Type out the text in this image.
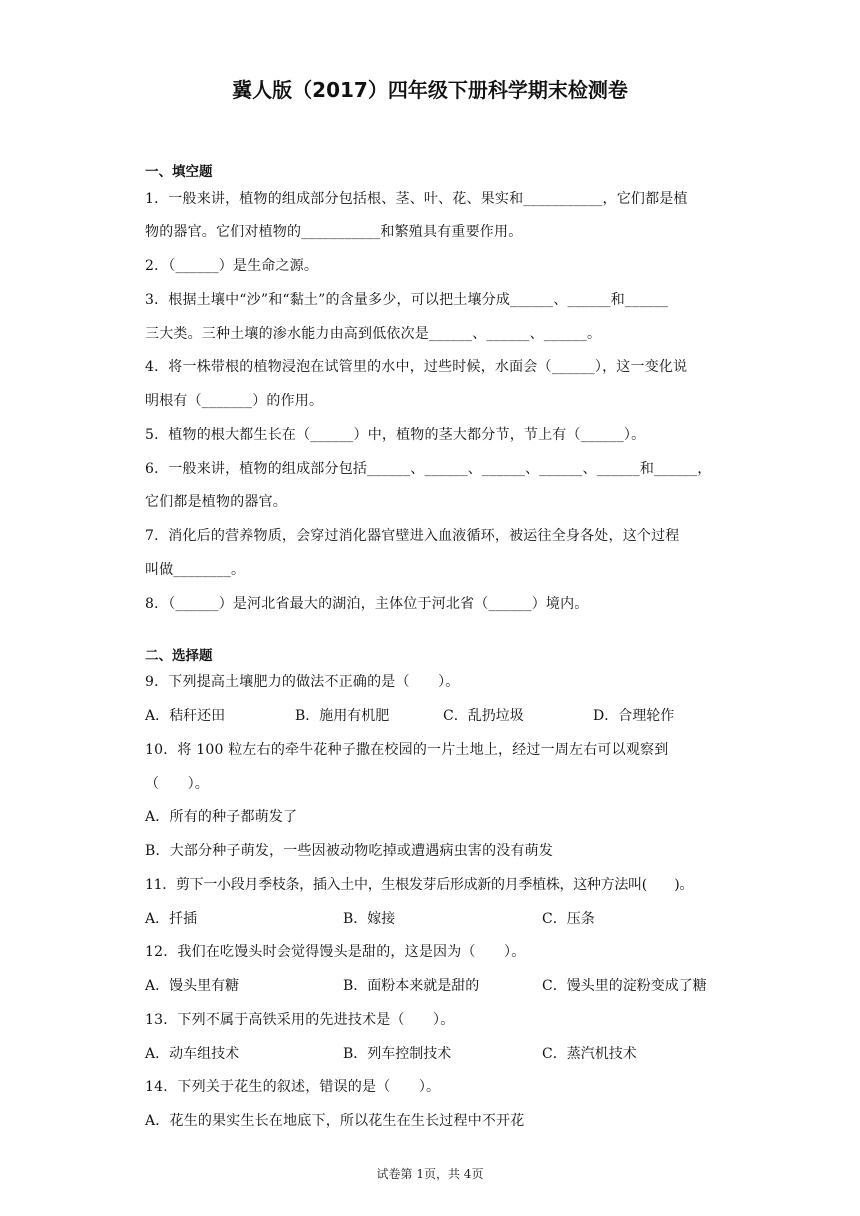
冀人版（2017）四年级下册科学期末检测卷
一、填空题
1．一般来讲，植物的组成部分包括根、茎、叶、花、果实和___________，它们都是植
物的器官。它们对植物的___________和繁殖具有重要作用。
2．（______）是生命之源。
3．根据土壤中“沙”和“黏土”的含量多少，可以把土壤分成______、______和______
三大类。三种土壤的渗水能力由高到低依次是______、______、______。
4．将一株带根的植物浸泡在试管里的水中，过些时候，水面会（______），这一变化说
明根有（_______）的作用。
5．植物的根大都生长在（______）中，植物的茎大都分节，节上有（______）。
6．一般来讲，植物的组成部分包括______、______、______、______、______和______，
它们都是植物的器官。
7．消化后的营养物质，会穿过消化器官壁进入血液循环，被运往全身各处，这个过程
叫做________。
8．（______）是河北省最大的湖泊，主体位于河北省（______）境内。
二、选择题
9．下列提高土壤肥力的做法不正确的是（　　）。
A．秸秆还田	B．施用有机肥	C．乱扔垃圾	D．合理轮作
10．将 100 粒左右的牵牛花种子撒在校园的一片土地上，经过一周左右可以观察到
（　　）。
A．所有的种子都萌发了
B．大部分种子萌发，一些因被动物吃掉或遭遇病虫害的没有萌发
11．剪下一小段月季枝条，插入土中，生根发芽后形成新的月季植株，这种方法叫(　　)。
A．扦插	B．嫁接	C．压条
12．我们在吃馒头时会觉得馒头是甜的，这是因为（　　）。
A．馒头里有糖	B．面粉本来就是甜的	C．馒头里的淀粉变成了糖
13．下列不属于高铁采用的先进技术是（　　）。
A．动车组技术	B．列车控制技术	C．蒸汽机技术
14．下列关于花生的叙述，错误的是（　　）。
A．花生的果实生长在地底下，所以花生在生长过程中不开花
试卷第 1页，共 4页
